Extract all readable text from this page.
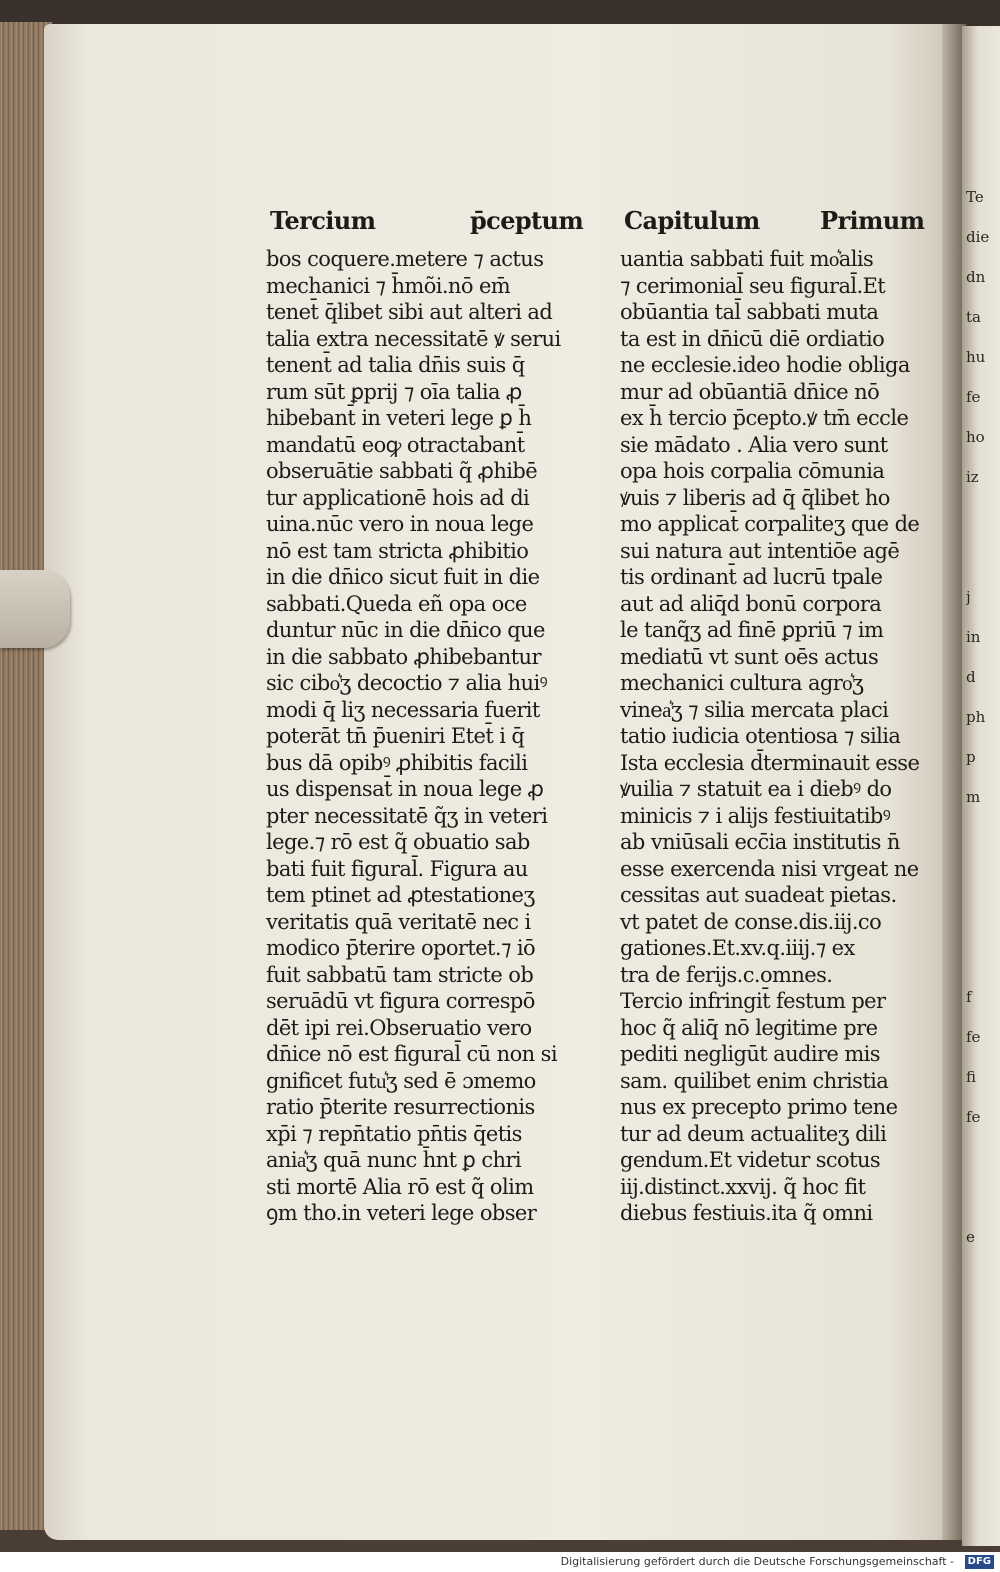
Tercium	p̄ceptum
bos coquere.metere ⁊ actus
mechanici ⁊ h̄mõi.nō em̄
tenet̄ q̄libet sibi aut alteri ad
talia extra necessitatē ꝟ serui
tenent̄ ad talia dn̄is suis q̄
rum sūt ꝑprij ⁊ oīa talia ꝓ
hibebant̄ in veteri lege ꝑ h̄
mandatū eoꝙ otractabant̄
obseruātie sabbati q̃ ꝓhibē
tur applicationē hois ad di
uina.nūc vero in noua lege
nō est tam stricta ꝓhibitio
in die dn̄ico sicut fuit in die
sabbati.Queda eñ opa oce
duntur nūc in die dn̄ico que
in die sabbato ꝓhibebantur
sic cibo͛ʒ decoctio ⁊ alia huiꝰ
modi q̄ liʒ necessaria fuerit
poterāt tn̄ p̄ueniri Etet̄ i q̄
bus dā opibꝰ ꝓhibitis facili
us dispensat̄ in noua lege ꝓ
pter necessitatē q̃ʒ in veteri
lege.⁊ rō est q̃ obuatio sab
bati fuit figural̄. Figura au
tem ptinet ad ꝓtestationeʒ
veritatis quā veritatē nec i
modico p̄terire oportet.⁊ iō
fuit sabbatū tam stricte ob
seruādū vt figura correspō
dēt ipi rei.Obseruatio vero
dn̄ice nō est figural̄ cū non si
gnificet futu͛ʒ sed ē ɔmemo
ratio p̄terite resurrectionis
xp̄i ⁊ repn̄tatio pn̄tis q̄etis
ania͛ʒ quā nunc h̄nt ꝑ chri
sti mortē Alia rō est q̃ olim
ꝯm tho.in veteri lege obser
Capitulum	Primum
uantia sabbati fuit mo͛alis
⁊ cerimonial̄ seu figural̄.Et
obūantia tal̄ sabbati muta
ta est in dn̄icū diē ordiatio
ne ecclesie.ideo hodie obliga
mur ad obūantiā dn̄ice nō
ex h̄ tercio p̄cepto.ꝟ tm̄ eccle
sie mādato . Alia vero sunt
opa hois corpalia cōmunia
ꝟuis ⁊ liberis ad q̄ q̄libet ho
mo applicat̄ corpaliteʒ que de
sui natura aut intentiōe agē
tis ordinant̄ ad lucrū tpale
aut ad aliq̄d bonū corpora
le tanq̃ʒ ad finē ꝑpriū ⁊ im
mediatū vt sunt oēs actus
mechanici cultura agro͛ʒ
vinea͛ʒ ⁊ silia mercata placi
tatio iudicia otentiosa ⁊ silia
Ista ecclesia d̄terminauit esse
ꝟuilia ⁊ statuit ea i diebꝰ do
minicis ⁊ i alijs festiuitatibꝰ
ab vniūsali ecc̄ia institutis n̄
esse exercenda nisi vrgeat ne
cessitas aut suadeat pietas.
vt patet de conse.dis.iij.co
gationes.Et.xv.q.iiij.⁊ ex
tra de ferijs.c.omnes.
Tercio infringit̄ festum per
hoc q̃ aliq̄ nō legitime pre
pediti negligūt audire mis
sam. quilibet enim christia
nus ex precepto primo tene
tur ad deum actualiteʒ dili
gendum.Et videtur scotus
iij.distinct.xxvij. q̃ hoc fit
diebus festiuis.ita q̃ omni
Te
die
dn
ta
hu
fe
ho
iz
j
in
d
ph
p
m
f
fe
fi
fe
e
Digitalisierung gefördert durch die Deutsche Forschungsgemeinschaft -	DFG
